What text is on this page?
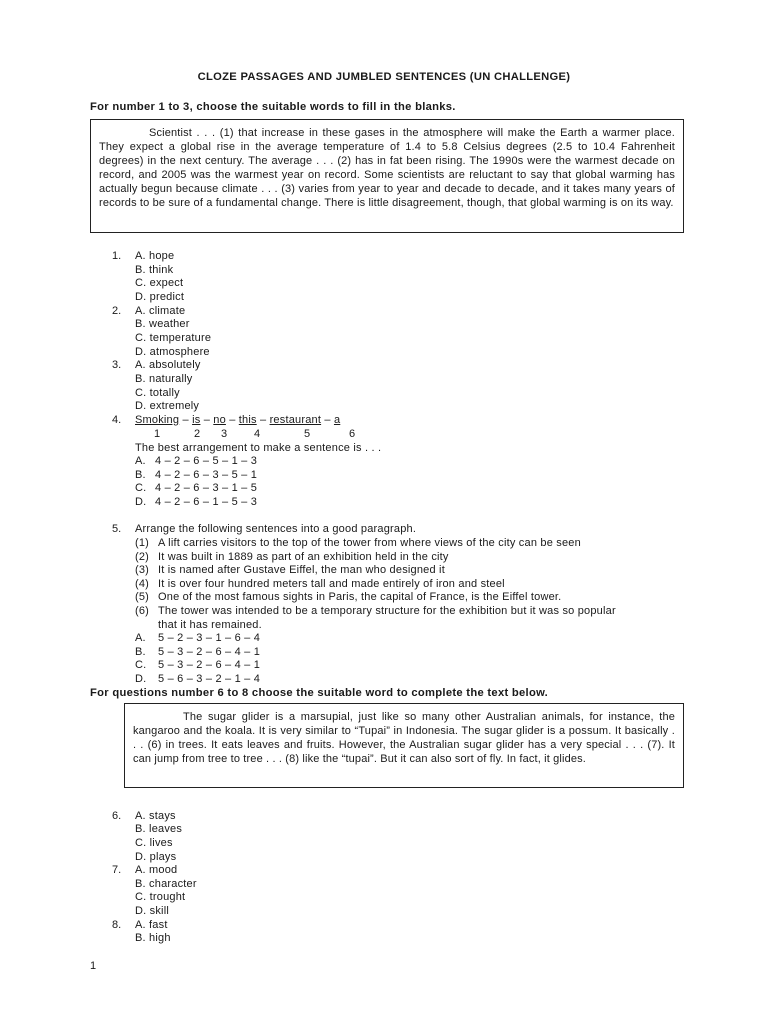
CLOZE PASSAGES AND JUMBLED SENTENCES (UN CHALLENGE)
For number 1 to 3, choose the suitable words to fill in the blanks.

Scientist . . . (1) that increase in these gases in the atmosphere will make the Earth a warmer place. They expect a global rise in the average temperature of 1.4 to 5.8 Celsius degrees (2.5 to 10.4 Fahrenheit degrees) in the next century. The average . . . (2) has in fat been rising. The 1990s were the warmest decade on record, and 2005 was the warmest year on record. Some scientists are reluctant to say that global warming has actually begun because climate . . . (3) varies from year to year and decade to decade, and it takes many years of records to be sure of a fundamental change. There is little disagreement, though, that global warming is on its way.

1. A. hope
B. think
C. expect
D. predict
2. A. climate
B. weather
C. temperature
D. atmosphere
3. A. absolutely
B. naturally
C. totally
D. extremely
4. Smoking – is – no – this – restaurant – a
1	2 3 4	5	6
The best arrangement to make a sentence is . . .
A. 4 – 2 – 6 – 5 – 1 – 3
B. 4 – 2 – 6 – 3 – 5 – 1
C. 4 – 2 – 6 – 3 – 1 – 5
D. 4 – 2 – 6 – 1 – 5 – 3
5. Arrange the following sentences into a good paragraph.
(1) A lift carries visitors to the top of the tower from where views of the city can be seen
(2) It was built in 1889 as part of an exhibition held in the city
(3) It is named after Gustave Eiffel, the man who designed it
(4) It is over four hundred meters tall and made entirely of iron and steel
(5) One of the most famous sights in Paris, the capital of France, is the Eiffel tower.
(6) The tower was intended to be a temporary structure for the exhibition but it was so popular
that it has remained.
A. 5 – 2 – 3 – 1 – 6 – 4
B. 5 – 3 – 2 – 6 – 4 – 1
C. 5 – 3 – 2 – 6 – 4 – 1
D. 5 – 6 – 3 – 2 – 1 – 4
For questions number 6 to 8 choose the suitable word to complete the text below.

The sugar glider is a marsupial, just like so many other Australian animals, for instance, the kangaroo and the koala. It is very similar to “Tupai” in Indonesia. The sugar glider is a possum. It basically . . . (6) in trees. It eats leaves and fruits. However, the Australian sugar glider has a very special . . . (7). It can jump from tree to tree . . . (8) like the “tupai”. But it can also sort of fly. In fact, it glides.

6. A. stays
B. leaves
C. lives
D. plays
7. A. mood
B. character
C. trought
D. skill
8. A. fast
B. high
1
